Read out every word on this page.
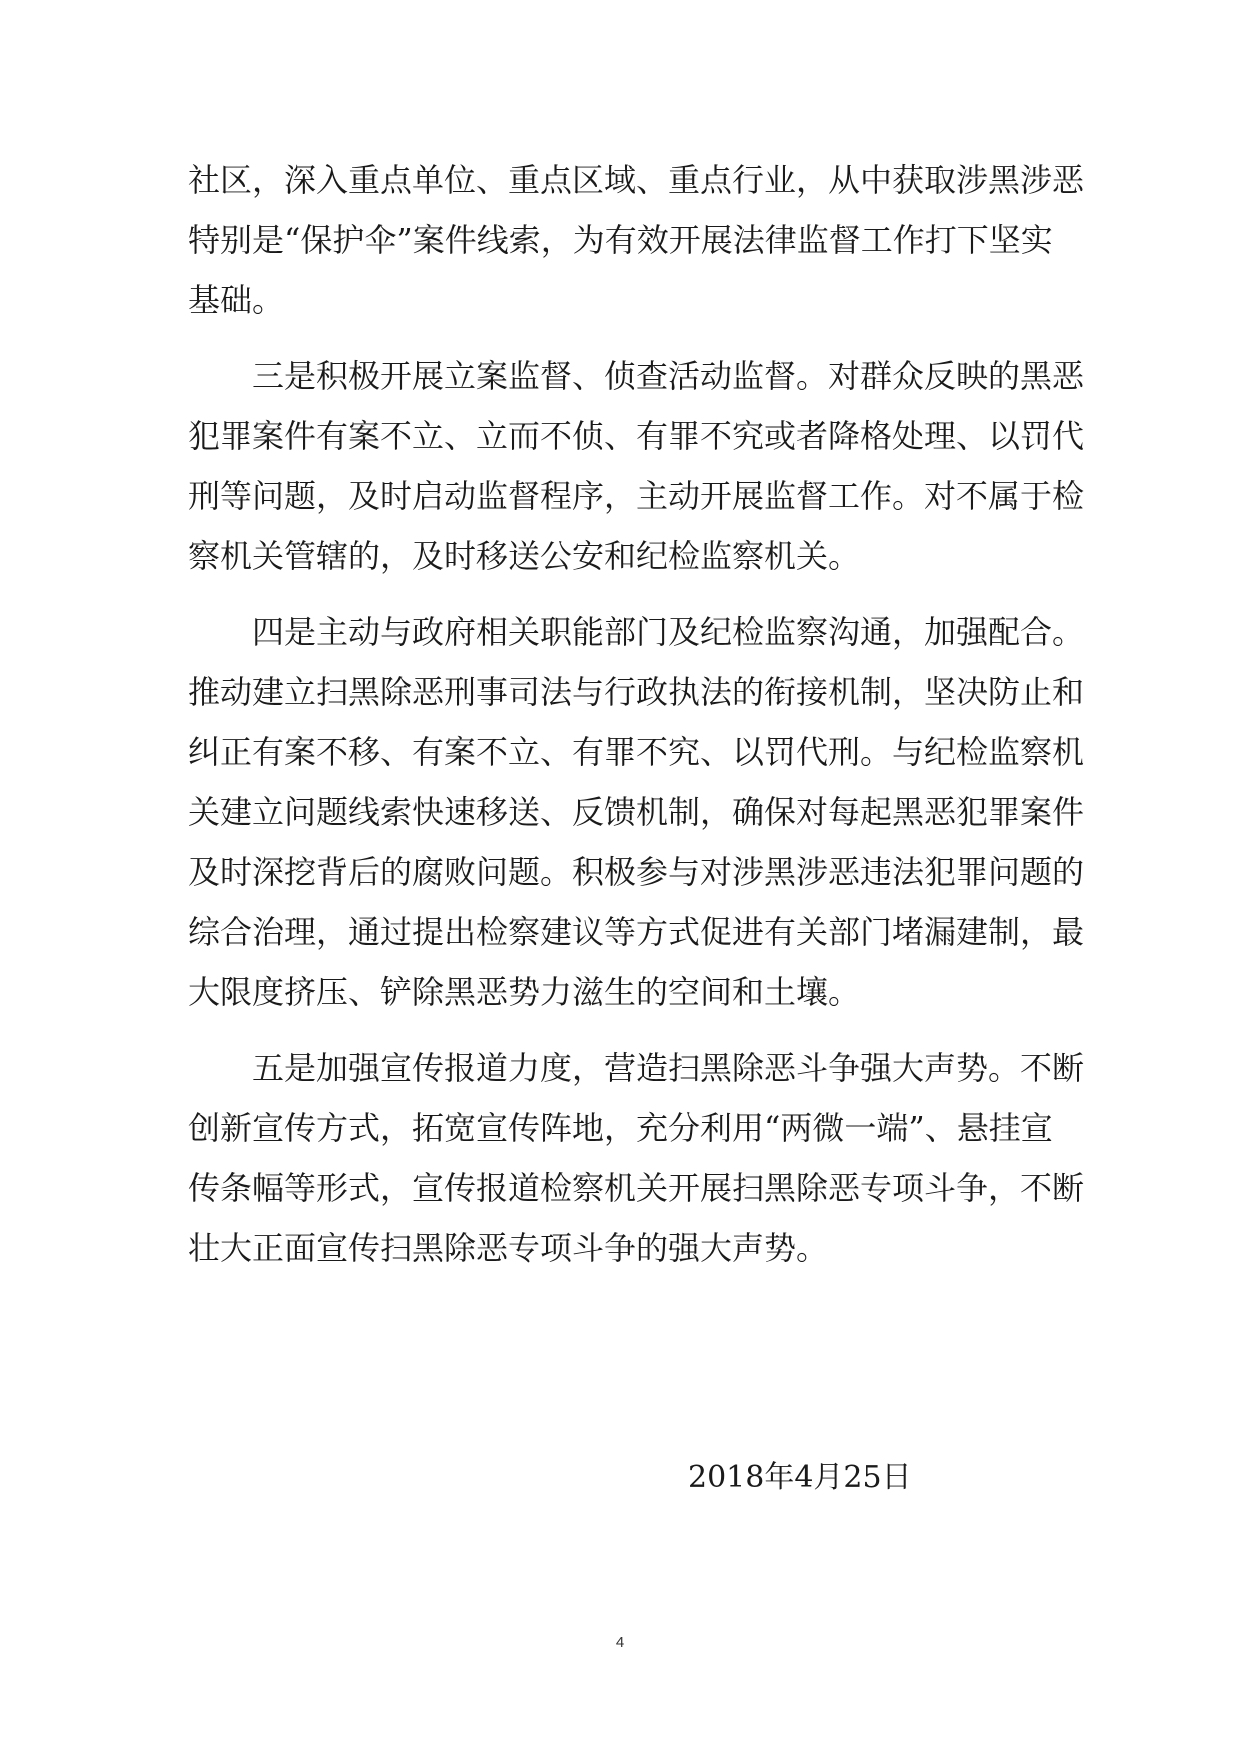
社区，深入重点单位、重点区域、重点行业，从中获取涉黑涉恶
特别是“保护伞”案件线索，为有效开展法律监督工作打下坚实
基础。
三是积极开展立案监督、侦查活动监督。对群众反映的黑恶
犯罪案件有案不立、立而不侦、有罪不究或者降格处理、以罚代
刑等问题，及时启动监督程序，主动开展监督工作。对不属于检
察机关管辖的，及时移送公安和纪检监察机关。
四是主动与政府相关职能部门及纪检监察沟通，加强配合。
推动建立扫黑除恶刑事司法与行政执法的衔接机制，坚决防止和
纠正有案不移、有案不立、有罪不究、以罚代刑。与纪检监察机
关建立问题线索快速移送、反馈机制，确保对每起黑恶犯罪案件
及时深挖背后的腐败问题。积极参与对涉黑涉恶违法犯罪问题的
综合治理，通过提出检察建议等方式促进有关部门堵漏建制，最
大限度挤压、铲除黑恶势力滋生的空间和土壤。
五是加强宣传报道力度，营造扫黑除恶斗争强大声势。不断
创新宣传方式，拓宽宣传阵地，充分利用“两微一端”、悬挂宣
传条幅等形式，宣传报道检察机关开展扫黑除恶专项斗争，不断
壮大正面宣传扫黑除恶专项斗争的强大声势。
2018年4月25日
4
